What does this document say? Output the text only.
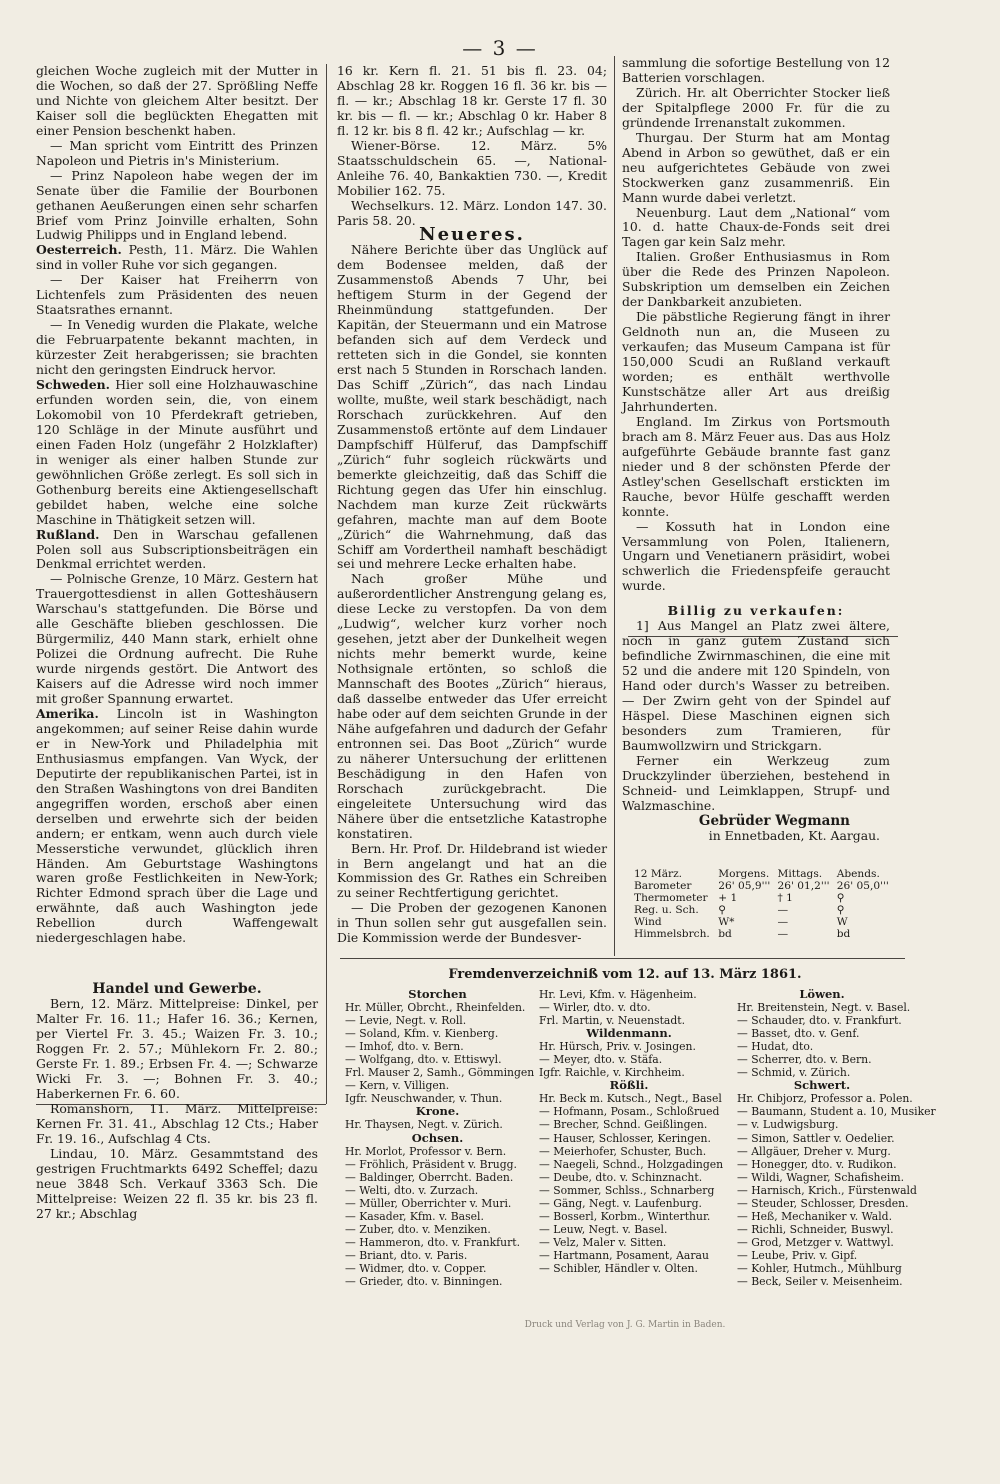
— 3 —

gleichen Woche zugleich mit der Mutter in die Wochen, so daß der 27. Sprößling Neffe und Nichte von gleichem Alter besitzt. Der Kaiser soll die beglückten Ehegatten mit einer Pension beschenkt haben.

— Man spricht vom Eintritt des Prinzen Napoleon und Pietris in's Ministerium.

— Prinz Napoleon habe wegen der im Senate über die Familie der Bourbonen gethanen Aeußerungen einen sehr scharfen Brief vom Prinz Joinville erhalten, Sohn Ludwig Philipps und in England lebend.

Oesterreich. Pesth, 11. März. Die Wahlen sind in voller Ruhe vor sich gegangen.

— Der Kaiser hat Freiherrn von Lichtenfels zum Präsidenten des neuen Staatsrathes ernannt.

— In Venedig wurden die Plakate, welche die Februarpatente bekannt machten, in kürzester Zeit herabgerissen; sie brachten nicht den geringsten Eindruck hervor.

Schweden. Hier soll eine Holzhauwaschine erfunden worden sein, die, von einem Lokomobil von 10 Pferdekraft getrieben, 120 Schläge in der Minute ausführt und einen Faden Holz (ungefähr 2 Holzklafter) in weniger als einer halben Stunde zur gewöhnlichen Größe zerlegt. Es soll sich in Gothenburg bereits eine Aktiengesellschaft gebildet haben, welche eine solche Maschine in Thätigkeit setzen will.

Rußland. Den in Warschau gefallenen Polen soll aus Subscriptionsbeiträgen ein Denkmal errichtet werden.

— Polnische Grenze, 10 März. Gestern hat Trauergottesdienst in allen Gotteshäusern Warschau's stattgefunden. Die Börse und alle Geschäfte blieben geschlossen. Die Bürgermiliz, 440 Mann stark, erhielt ohne Polizei die Ordnung aufrecht. Die Ruhe wurde nirgends gestört. Die Antwort des Kaisers auf die Adresse wird noch immer mit großer Spannung erwartet.

Amerika. Lincoln ist in Washington angekommen; auf seiner Reise dahin wurde er in New-York und Philadelphia mit Enthusiasmus empfangen. Van Wyck, der Deputirte der republikanischen Partei, ist in den Straßen Washingtons von drei Banditen angegriffen worden, erschoß aber einen derselben und erwehrte sich der beiden andern; er entkam, wenn auch durch viele Messerstiche verwundet, glücklich ihren Händen. Am Geburtstage Washingtons waren große Festlichkeiten in New-York; Richter Edmond sprach über die Lage und erwähnte, daß auch Washington jede Rebellion durch Waffengewalt niedergeschlagen habe.

Handel und Gewerbe.

Bern, 12. März. Mittelpreise: Dinkel, per Malter Fr. 16. 11.; Hafer 16. 36.; Kernen, per Viertel Fr. 3. 45.; Waizen Fr. 3. 10.; Roggen Fr. 2. 57.; Mühlekorn Fr. 2. 80.; Gerste Fr. 1. 89.; Erbsen Fr. 4. —; Schwarze Wicki Fr. 3. —; Bohnen Fr. 3. 40.; Haberkernen Fr. 6. 60.

Romanshorn, 11. März. Mittelpreise: Kernen Fr. 31. 41., Abschlag 12 Cts.; Haber Fr. 19. 16., Aufschlag 4 Cts.

Lindau, 10. März. Gesammtstand des gestrigen Fruchtmarkts 6492 Scheffel; dazu neue 3848 Sch. Verkauf 3363 Sch. Die Mittelpreise: Weizen 22 fl. 35 kr. bis 23 fl. 27 kr.; Abschlag

16 kr. Kern fl. 21. 51 bis fl. 23. 04; Abschlag 28 kr. Roggen 16 fl. 36 kr. bis — fl. — kr.; Abschlag 18 kr. Gerste 17 fl. 30 kr. bis — fl. — kr.; Abschlag 0 kr. Haber 8 fl. 12 kr. bis 8 fl. 42 kr.; Aufschlag — kr.

Wiener-Börse. 12. März. 5% Staatsschuldschein 65. —, National-Anleihe 76. 40, Bankaktien 730. —, Kredit Mobilier 162. 75.

Wechselkurs. 12. März. London 147. 30. Paris 58. 20.

Neueres.

Nähere Berichte über das Unglück auf dem Bodensee melden, daß der Zusammenstoß Abends 7 Uhr, bei heftigem Sturm in der Gegend der Rheinmündung stattgefunden. Der Kapitän, der Steuermann und ein Matrose befanden sich auf dem Verdeck und retteten sich in die Gondel, sie konnten erst nach 5 Stunden in Rorschach landen. Das Schiff „Zürich“, das nach Lindau wollte, mußte, weil stark beschädigt, nach Rorschach zurückkehren. Auf den Zusammenstoß ertönte auf dem Lindauer Dampfschiff Hülferuf, das Dampfschiff „Zürich“ fuhr sogleich rückwärts und bemerkte gleichzeitig, daß das Schiff die Richtung gegen das Ufer hin einschlug. Nachdem man kurze Zeit rückwärts gefahren, machte man auf dem Boote „Zürich“ die Wahrnehmung, daß das Schiff am Vordertheil namhaft beschädigt sei und mehrere Lecke erhalten habe.

Nach großer Mühe und außerordentlicher Anstrengung gelang es, diese Lecke zu verstopfen. Da von dem „Ludwig“, welcher kurz vorher noch gesehen, jetzt aber der Dunkelheit wegen nichts mehr bemerkt wurde, keine Nothsignale ertönten, so schloß die Mannschaft des Bootes „Zürich“ hieraus, daß dasselbe entweder das Ufer erreicht habe oder auf dem seichten Grunde in der Nähe aufgefahren und dadurch der Gefahr entronnen sei. Das Boot „Zürich“ wurde zu näherer Untersuchung der erlittenen Beschädigung in den Hafen von Rorschach zurückgebracht. Die eingeleitete Untersuchung wird das Nähere über die entsetzliche Katastrophe konstatiren.

Bern. Hr. Prof. Dr. Hildebrand ist wieder in Bern angelangt und hat an die Kommission des Gr. Rathes ein Schreiben zu seiner Rechtfertigung gerichtet.

— Die Proben der gezogenen Kanonen in Thun sollen sehr gut ausgefallen sein. Die Kommission werde der Bundesver-

sammlung die sofortige Bestellung von 12 Batterien vorschlagen.

Zürich. Hr. alt Oberrichter Stocker ließ der Spitalpflege 2000 Fr. für die zu gründende Irrenanstalt zukommen.

Thurgau. Der Sturm hat am Montag Abend in Arbon so gewüthet, daß er ein neu aufgerichtetes Gebäude von zwei Stockwerken ganz zusammenriß. Ein Mann wurde dabei verletzt.

Neuenburg. Laut dem „National“ vom 10. d. hatte Chaux-de-Fonds seit drei Tagen gar kein Salz mehr.

Italien. Großer Enthusiasmus in Rom über die Rede des Prinzen Napoleon. Subskription um demselben ein Zeichen der Dankbarkeit anzubieten.

Die päbstliche Regierung fängt in ihrer Geldnoth nun an, die Museen zu verkaufen; das Museum Campana ist für 150,000 Scudi an Rußland verkauft worden; es enthält werthvolle Kunstschätze aller Art aus dreißig Jahrhunderten.

England. Im Zirkus von Portsmouth brach am 8. März Feuer aus. Das aus Holz aufgeführte Gebäude brannte fast ganz nieder und 8 der schönsten Pferde der Astley'schen Gesellschaft erstickten im Rauche, bevor Hülfe geschafft werden konnte.

— Kossuth hat in London eine Versammlung von Polen, Italienern, Ungarn und Venetianern präsidirt, wobei schwerlich die Friedenspfeife geraucht wurde.

Billig zu verkaufen:

1] Aus Mangel an Platz zwei ältere, noch in ganz gutem Zustand sich befindliche Zwirnmaschinen, die eine mit 52 und die andere mit 120 Spindeln, von Hand oder durch's Wasser zu betreiben. — Der Zwirn geht von der Spindel auf Häspel. Diese Maschinen eignen sich besonders zum Tramieren, für Baumwollzwirn und Strickgarn.

Ferner ein Werkzeug zum Druckzylinder überziehen, bestehend in Schneid- und Leimklappen, Strupf- und Walzmaschine.

Gebrüder Wegmann

in Ennetbaden, Kt. Aargau.

12 März.	Morgens.	Mittags.	Abends.
Barometer	26' 05,9'''	26' 01,2'''	26' 05,0'''
Thermometer	+ 1	† 1	⚲
Reg. u. Sch.	⚲	—	⚲
Wind	W*	—	W
Himmelsbrch.	bd	—	bd
Fremdenverzeichniß vom 12. auf 13. März 1861.
Storchen
Hr. Müller, Obrcht., Rheinfelden.
— Levie, Negt. v. Roll.
— Soland, Kfm. v. Kienberg.
— Imhof, dto. v. Bern.
— Wolfgang, dto. v. Ettiswyl.
Frl. Mauser 2, Samh., Gömmingen
— Kern, v. Villigen.
Igfr. Neuschwander, v. Thun.
Krone.
Hr. Thaysen, Negt. v. Zürich.
Ochsen.
Hr. Morlot, Professor v. Bern.
— Fröhlich, Präsident v. Brugg.
— Baldinger, Oberrcht. Baden.
— Welti, dto. v. Zurzach.
— Müller, Oberrichter v. Muri.
— Kasader, Kfm. v. Basel.
— Zuber, dto. v. Menziken.
— Hammeron, dto. v. Frankfurt.
— Briant, dto. v. Paris.
— Widmer, dto. v. Copper.
— Grieder, dto. v. Binningen.
Hr. Levi, Kfm. v. Hägenheim.
— Wirler, dto. v. dto.
Frl. Martin, v. Neuenstadt.
Wildenmann.
Hr. Hürsch, Priv. v. Josingen.
— Meyer, dto. v. Stäfa.
Igfr. Raichle, v. Kirchheim.
Rößli.
Hr. Beck m. Kutsch., Negt., Basel
— Hofmann, Posam., Schloßrued
— Brecher, Schnd. Geißlingen.
— Hauser, Schlosser, Keringen.
— Meierhofer, Schuster, Buch.
— Naegeli, Schnd., Holzgadingen
— Deube, dto. v. Schinznacht.
— Sommer, Schlss., Schnarberg
— Gäng, Negt. v. Laufenburg.
— Bosserl, Korbm., Winterthur.
— Leuw, Negt. v. Basel.
— Velz, Maler v. Sitten.
— Hartmann, Posament, Aarau
— Schibler, Händler v. Olten.
Löwen.
Hr. Breitenstein, Negt. v. Basel.
— Schauder, dto. v. Frankfurt.
— Basset, dto. v. Genf.
— Hudat, dto.
— Scherrer, dto. v. Bern.
— Schmid, v. Zürich.
Schwert.
Hr. Chibjorz, Professor a. Polen.
— Baumann, Student a. 10, Musiker
— v. Ludwigsburg.
— Simon, Sattler v. Oedelier.
— Allgäuer, Dreher v. Murg.
— Honegger, dto. v. Rudikon.
— Wildi, Wagner, Schafisheim.
— Harnisch, Krich., Fürstenwald
— Steuder, Schlosser, Dresden.
— Heß, Mechaniker v. Wald.
— Richli, Schneider, Buswyl.
— Grod, Metzger v. Wattwyl.
— Leube, Priv. v. Gipf.
— Kohler, Hutmch., Mühlburg
— Beck, Seiler v. Meisenheim.
Druck und Verlag von J. G. Martin in Baden.
